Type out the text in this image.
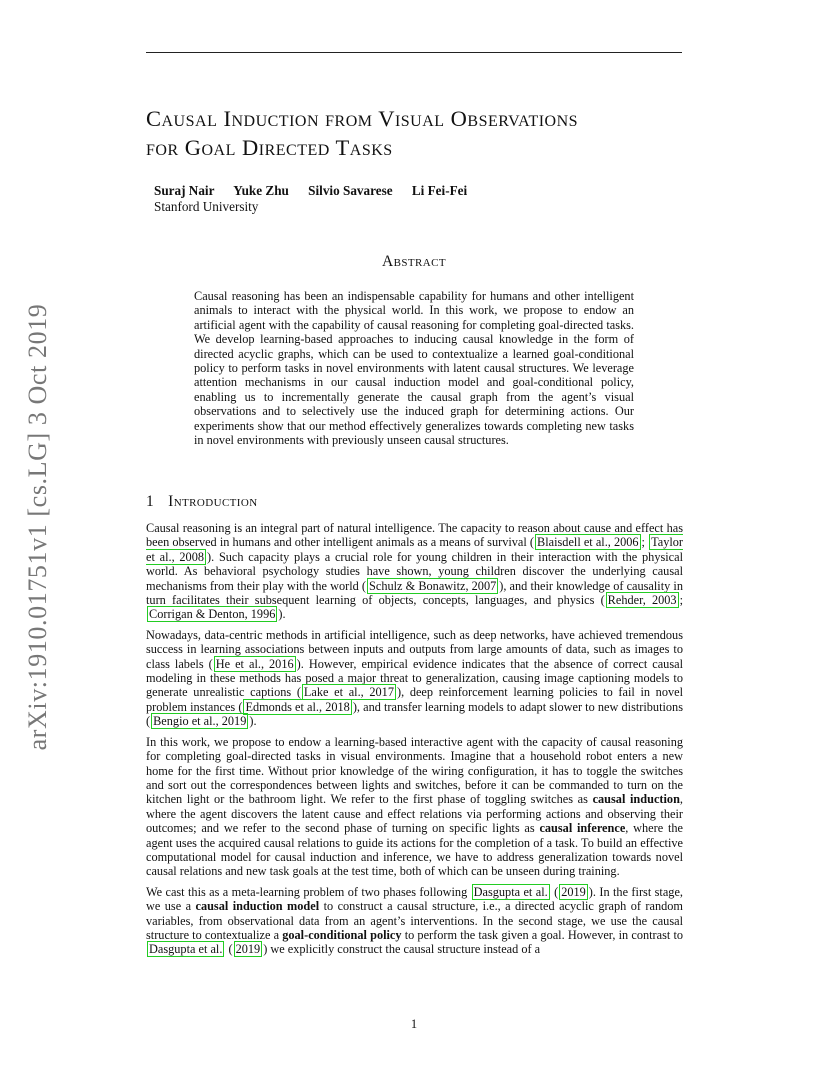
arXiv:1910.01751v1 [cs.LG] 3 Oct 2019
Causal Induction from Visual Observations
for Goal Directed Tasks
Suraj Nair Yuke Zhu Silvio Savarese Li Fei-Fei
Stanford University
Abstract

Causal reasoning has been an indispensable capability for humans and other intelligent animals to interact with the physical world. In this work, we propose to endow an artificial agent with the capability of causal reasoning for completing goal-directed tasks. We develop learning-based approaches to inducing causal knowledge in the form of directed acyclic graphs, which can be used to contextualize a learned goal-conditional policy to perform tasks in novel environments with latent causal structures. We leverage attention mechanisms in our causal induction model and goal-conditional policy, enabling us to incrementally generate the causal graph from the agent’s visual observations and to selectively use the induced graph for determining actions. Our experiments show that our method effectively generalizes towards completing new tasks in novel environments with previously unseen causal structures.

1 Introduction

Causal reasoning is an integral part of natural intelligence. The capacity to reason about cause and effect has been observed in humans and other intelligent animals as a means of survival ( Blaisdell et al., 2006 ; Taylor et al., 2008 ). Such capacity plays a crucial role for young children in their interaction with the physical world. As behavioral psychology studies have shown, young children discover the underlying causal mechanisms from their play with the world ( Schulz & Bonawitz, 2007 ), and their knowledge of causality in turn facilitates their subsequent learning of objects, concepts, languages, and physics ( Rehder, 2003 ; Corrigan & Denton, 1996 ).

Nowadays, data-centric methods in artificial intelligence, such as deep networks, have achieved tremendous success in learning associations between inputs and outputs from large amounts of data, such as images to class labels ( He et al., 2016 ). However, empirical evidence indicates that the absence of correct causal modeling in these methods has posed a major threat to generalization, causing image captioning models to generate unrealistic captions ( Lake et al., 2017 ), deep reinforcement learning policies to fail in novel problem instances ( Edmonds et al., 2018 ), and transfer learning models to adapt slower to new distributions ( Bengio et al., 2019 ).

In this work, we propose to endow a learning-based interactive agent with the capacity of causal reasoning for completing goal-directed tasks in visual environments. Imagine that a household robot enters a new home for the first time. Without prior knowledge of the wiring configuration, it has to toggle the switches and sort out the correspondences between lights and switches, before it can be commanded to turn on the kitchen light or the bathroom light. We refer to the first phase of toggling switches as causal induction, where the agent discovers the latent cause and effect relations via performing actions and observing their outcomes; and we refer to the second phase of turning on specific lights as causal inference, where the agent uses the acquired causal relations to guide its actions for the completion of a task. To build an effective computational model for causal induction and inference, we have to address generalization towards novel causal relations and new task goals at the test time, both of which can be unseen during training.

We cast this as a meta-learning problem of two phases following Dasgupta et al. ( 2019 ). In the first stage, we use a causal induction model to construct a causal structure, i.e., a directed acyclic graph of random variables, from observational data from an agent’s interventions. In the second stage, we use the causal structure to contextualize a goal-conditional policy to perform the task given a goal. However, in contrast to Dasgupta et al. ( 2019 ) we explicitly construct the causal structure instead of a

1
